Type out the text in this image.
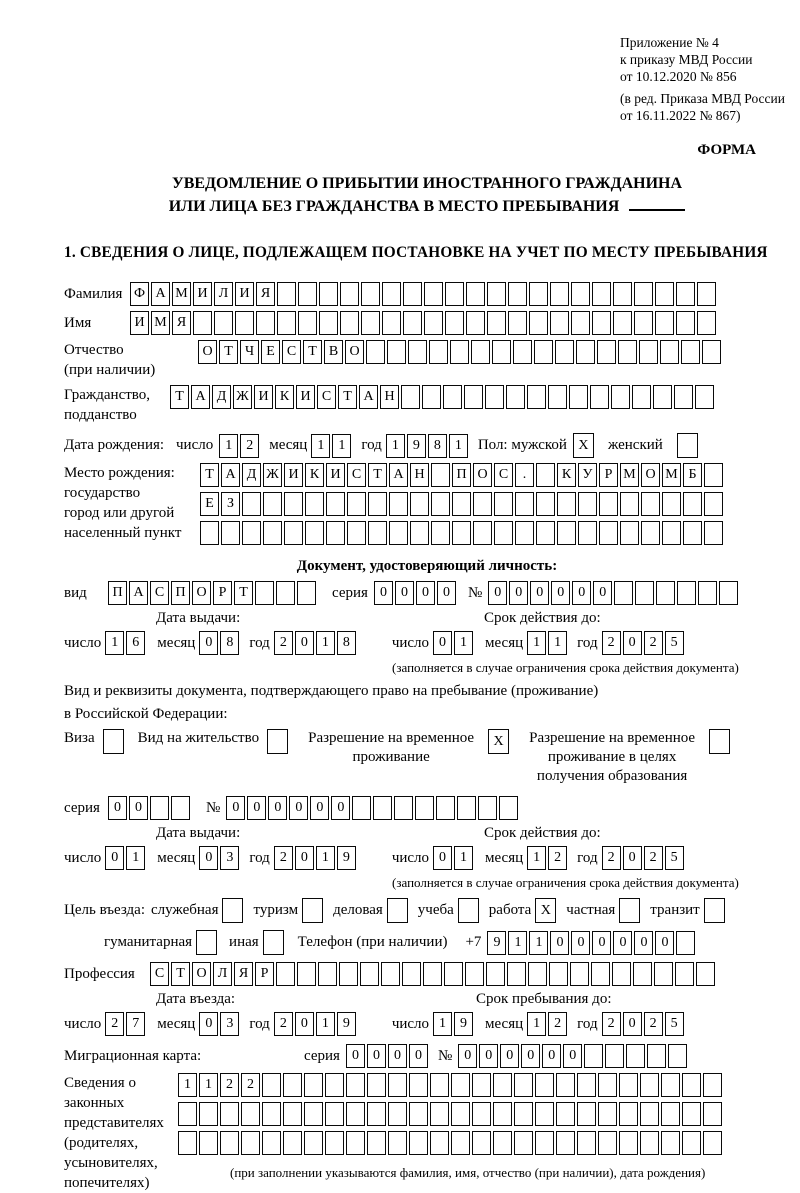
Приложение № 4
к приказу МВД России
от 10.12.2020 № 856
(в ред. Приказа МВД России
от 16.11.2022 № 867)
ФОРМА
УВЕДОМЛЕНИЕ О ПРИБЫТИИ ИНОСТРАННОГО ГРАЖДАНИНА
ИЛИ ЛИЦА БЕЗ ГРАЖДАНСТВА В МЕСТО ПРЕБЫВАНИЯ
1. СВЕДЕНИЯ О ЛИЦЕ, ПОДЛЕЖАЩЕМ ПОСТАНОВКЕ НА УЧЕТ ПО МЕСТУ ПРЕБЫВАНИЯ
Фамилия Ф А М И Л И Я
Имя	И М Я
Отчество
(при наличии)
О Т Ч Е С Т В О
Гражданство,
подданство
Т А Д Ж И К И С Т А Н
Дата рождения: число 1	2	месяц 1	1	год 1	9	8	1	Пол: мужской X	женский
Место рождения:
государство
город или другой
населенный пункт
Т А Д Ж И К И С Т А Н	П О С	.	К У Р М О М Б
Е З
Документ, удостоверяющий личность:
вид	П А С П О Р Т	серия 0	0	0	0	№ 0	0	0	0	0	0
Дата выдачи:	Срок действия до:
число 1	6	месяц 0	8	год 2	0	1	8	число 0	1	месяц 1	1	год 2	0	2	5
(заполняется в случае ограничения срока действия документа)
Вид и реквизиты документа, подтверждающего право на пребывание (проживание)
в Российской Федерации:
Виза	Вид на жительство	Разрешение на временное проживание
X	Разрешение на временное проживание в целях получения образования
серия	0	0	№ 0	0	0	0	0	0
Дата выдачи:	Срок действия до:
число 0	1	месяц 0	3	год 2	0	1	9	число 0	1	месяц 1	2	год 2	0	2	5
(заполняется в случае ограничения срока действия документа)
Цель въезда: служебная туризм деловая учеба работа X	частная транзит
гуманитарная иная	Телефон (при наличии) +7 9	1	1	0	0	0	0	0	0
Профессия	С Т О Л Я Р
Дата въезда:	Срок пребывания до:
число 2	7	месяц 0	3	год 2	0	1	9	число 1	9	месяц 1	2	год 2	0	2	5
Миграционная карта:	серия 0	0	0	0	№ 0	0	0	0	0	0
Сведения о
законных
представителях
(родителях,
усыновителях,
попечителях)
1	1	2	2
(при заполнении указываются фамилия, имя, отчество (при наличии), дата рождения)
